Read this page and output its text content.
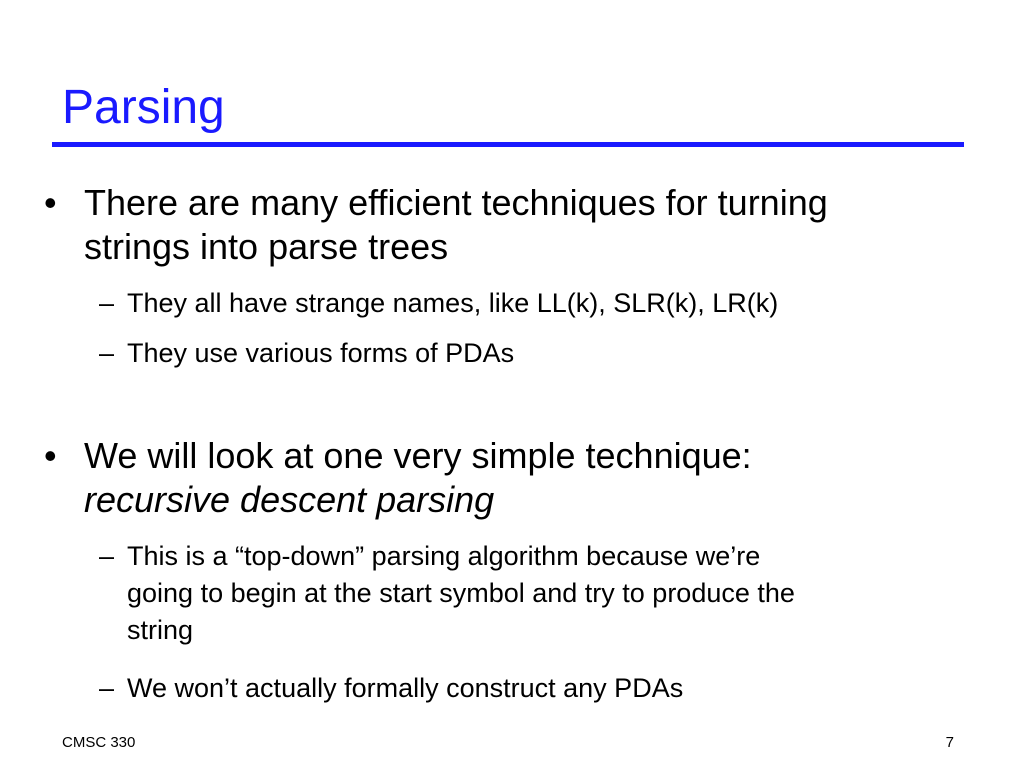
Parsing
• There are many efficient techniques for turning
strings into parse trees
– They all have strange names, like LL(k), SLR(k), LR(k)
– They use various forms of PDAs
• We will look at one very simple technique:
recursive descent parsing
– This is a “top-down” parsing algorithm because we’re
going to begin at the start symbol and try to produce the
string
– We won’t actually formally construct any PDAs
CMSC 330	7
